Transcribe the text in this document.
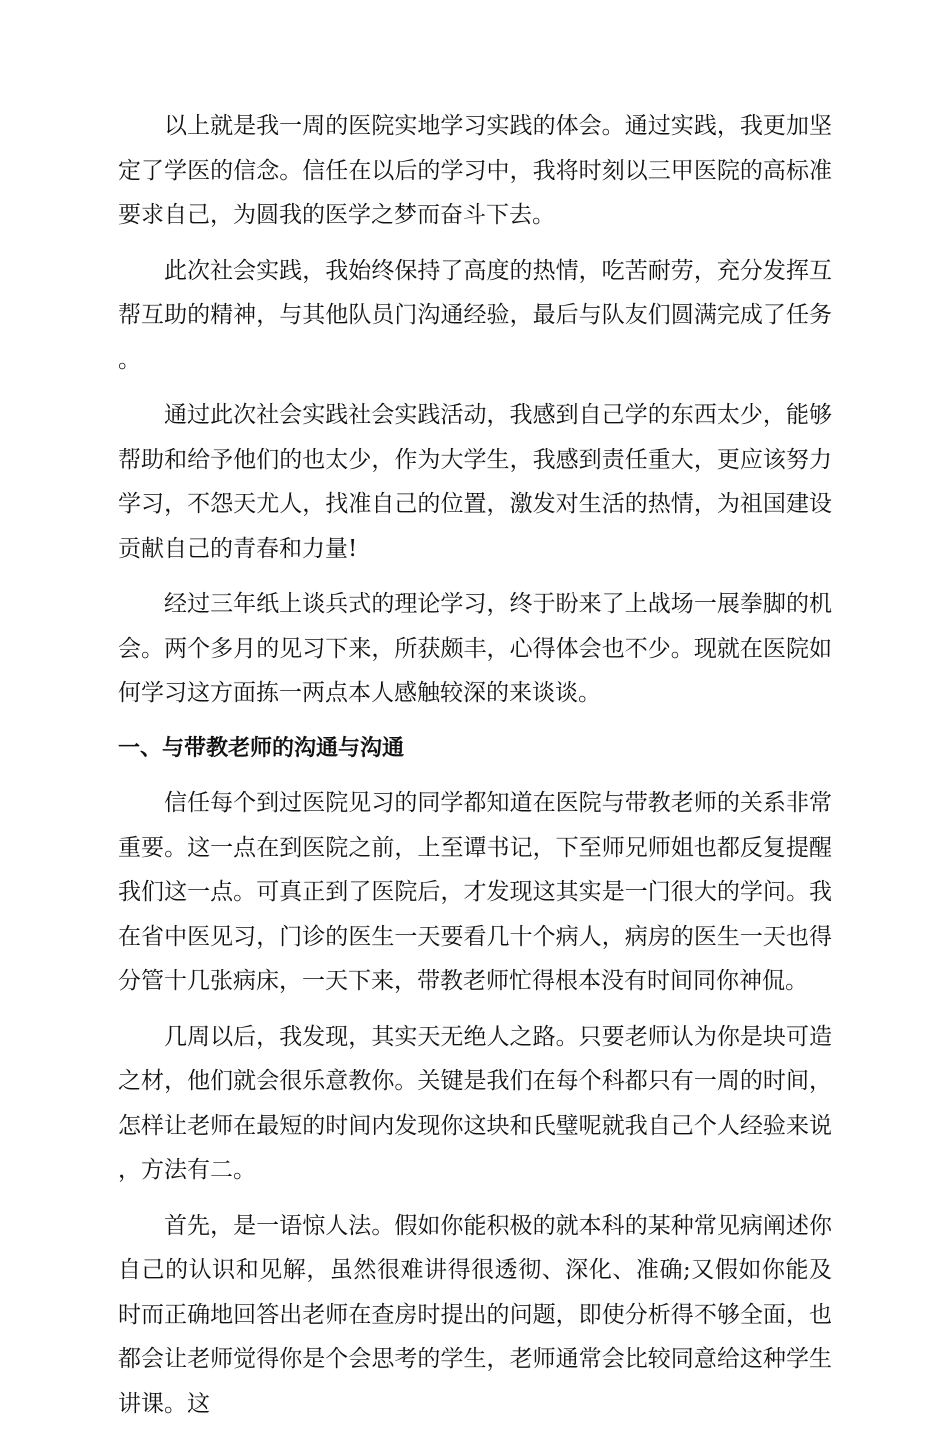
以上就是我一周的医院实地学习实践的体会。通过实践，我更加坚定了学医的信念。信任在以后的学习中，我将时刻以三甲医院的高标准要求自己，为圆我的医学之梦而奋斗下去。

此次社会实践，我始终保持了高度的热情，吃苦耐劳，充分发挥互帮互助的精神，与其他队员门沟通经验，最后与队友们圆满完成了任务。

通过此次社会实践社会实践活动，我感到自己学的东西太少，能够帮助和给予他们的也太少，作为大学生，我感到责任重大，更应该努力学习，不怨天尤人，找准自己的位置，激发对生活的热情，为祖国建设贡献自己的青春和力量!

经过三年纸上谈兵式的理论学习，终于盼来了上战场一展拳脚的机会。两个多月的见习下来，所获颇丰，心得体会也不少。现就在医院如何学习这方面拣一两点本人感触较深的来谈谈。

一、与带教老师的沟通与沟通

信任每个到过医院见习的同学都知道在医院与带教老师的关系非常重要。这一点在到医院之前，上至谭书记，下至师兄师姐也都反复提醒我们这一点。可真正到了医院后，才发现这其实是一门很大的学问。我在省中医见习，门诊的医生一天要看几十个病人，病房的医生一天也得分管十几张病床，一天下来，带教老师忙得根本没有时间同你神侃。

几周以后，我发现，其实天无绝人之路。只要老师认为你是块可造之材，他们就会很乐意教你。关键是我们在每个科都只有一周的时间，怎样让老师在最短的时间内发现你这块和氏璧呢就我自己个人经验来说，方法有二。

首先，是一语惊人法。假如你能积极的就本科的某种常见病阐述你自己的认识和见解，虽然很难讲得很透彻、深化、准确;又假如你能及时而正确地回答出老师在查房时提出的问题，即使分析得不够全面，也都会让老师觉得你是个会思考的学生，老师通常会比较同意给这种学生讲课。这
